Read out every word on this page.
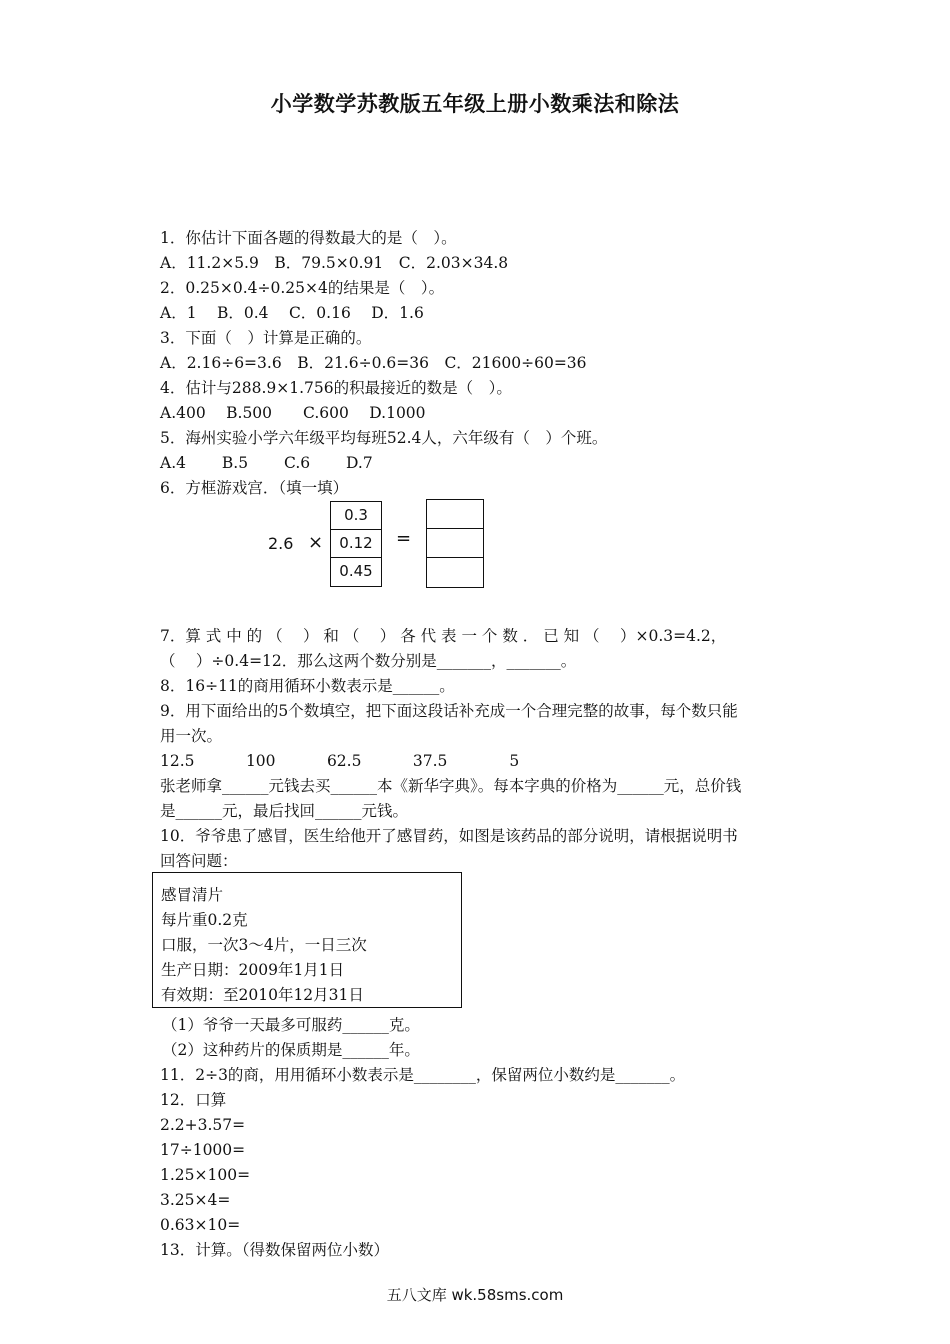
小学数学苏教版五年级上册小数乘法和除法
1．你估计下面各题的得数最大的是（　）。
A．11.2×5.9　B．79.5×0.91　C．2.03×34.8
2．0.25×0.4÷0.25×4的结果是（　）。
A．1　 B．0.4　 C．0.16　 D．1.6
3．下面（　）计算是正确的。
A．2.16÷6=3.6　B．21.6÷0.6=36　C．21600÷60=36
4．估计与288.9×1.756的积最接近的数是（　）。
A.400　 B.500　　C.600　 D.1000
5．海州实验小学六年级平均每班52.4人，六年级有（　）个班。
A.4　　 B.5　　 C.6　　 D.7
6．方框游戏宫．（填一填）
2.6 ×
0.3
0.12
0.45
=
7．算 式 中 的 （　 ） 和 （　 ） 各 代 表 一 个 数 ． 已 知 （　 ）×0.3=4.2，
（　 ）÷0.4=12．那么这两个数分别是_______，_______。
8．16÷11的商用循环小数表示是______。
9．用下面给出的5个数填空，把下面这段话补充成一个合理完整的故事，每个数只能
用一次。
12.5　　　 100　　　 62.5　　　 37.5　　　　5
张老师拿______元钱去买______本《新华字典》。每本字典的价格为______元，总价钱
是______元，最后找回______元钱。
10．爷爷患了感冒，医生给他开了感冒药，如图是该药品的部分说明，请根据说明书
回答问题：
感冒清片
每片重0.2克
口服，一次3～4片，一日三次
生产日期：2009年1月1日
有效期：至2010年12月31日
（1）爷爷一天最多可服药______克。
（2）这种药片的保质期是______年。
11．2÷3的商，用用循环小数表示是________，保留两位小数约是_______。
12．口算
2.2+3.57=
17÷1000=
1.25×100=
3.25×4=
0.63×10=
13．计算。（得数保留两位小数）
五八文库 wk.58sms.com
